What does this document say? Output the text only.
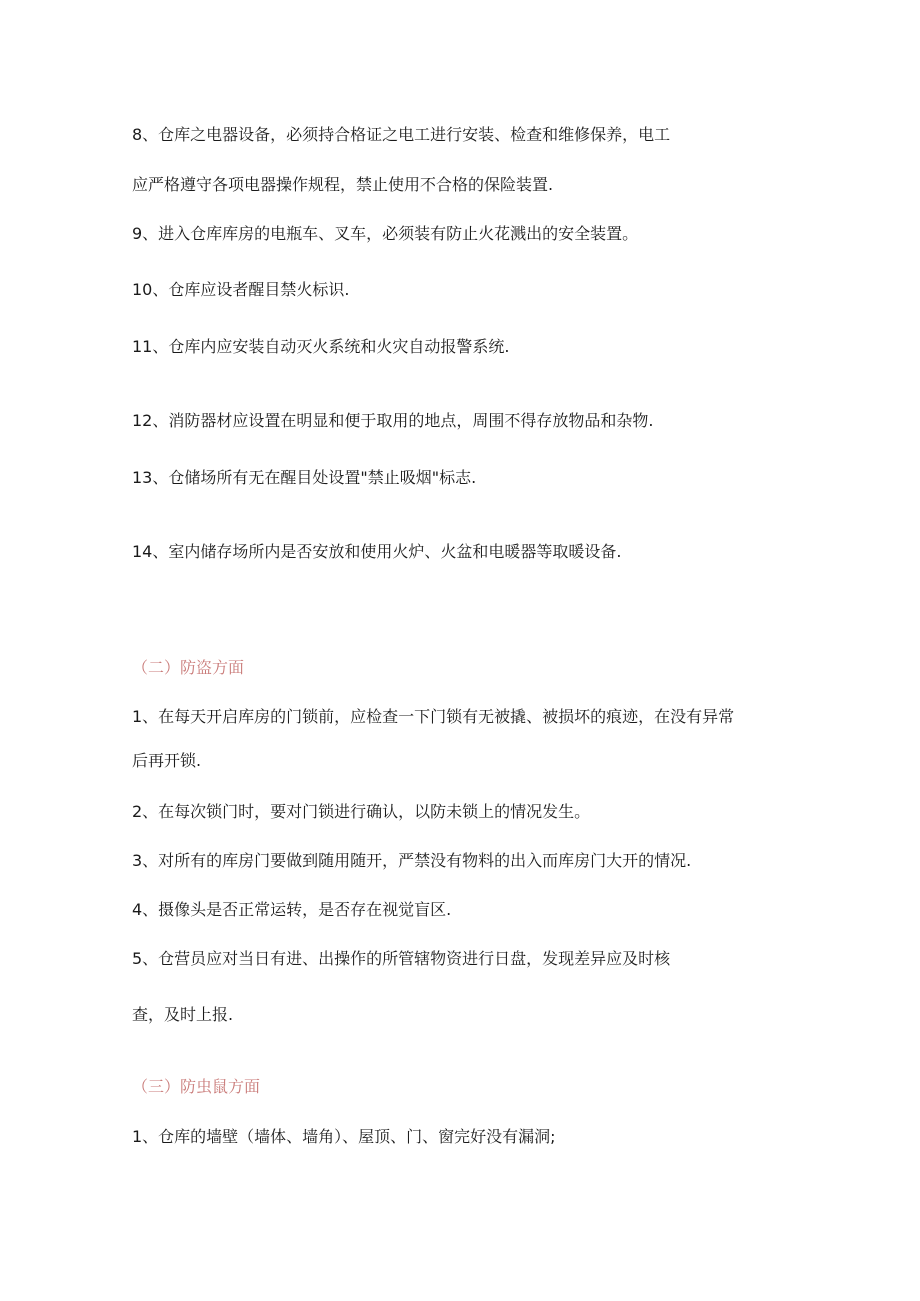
8、仓库之电器设备，必须持合格证之电工进行安装、检查和维修保养，电工
应严格遵守各项电器操作规程，禁止使用不合格的保险装置.
9、进入仓库库房的电瓶车、叉车，必须装有防止火花溅出的安全装置。
10、仓库应设者醒目禁火标识.
11、仓库内应安装自动灭火系统和火灾自动报警系统.
12、消防器材应设置在明显和便于取用的地点，周围不得存放物品和杂物.
13、仓储场所有无在醒目处设置"禁止吸烟"标志.
14、室内储存场所内是否安放和使用火炉、火盆和电暖器等取暖设备.
（二）防盗方面
1、在每天开启库房的门锁前，应检查一下门锁有无被撬、被损坏的痕迹，在没有异常
后再开锁.
2、在每次锁门时，要对门锁进行确认，以防未锁上的情况发生。
3、对所有的库房门要做到随用随开，严禁没有物料的出入而库房门大开的情况.
4、摄像头是否正常运转，是否存在视觉盲区.
5、仓营员应对当日有进、出操作的所管辖物资进行日盘，发现差异应及时核
查，及时上报.
（三）防虫鼠方面
1、仓库的墙壁（墙体、墙角）、屋顶、门、窗完好没有漏洞;
